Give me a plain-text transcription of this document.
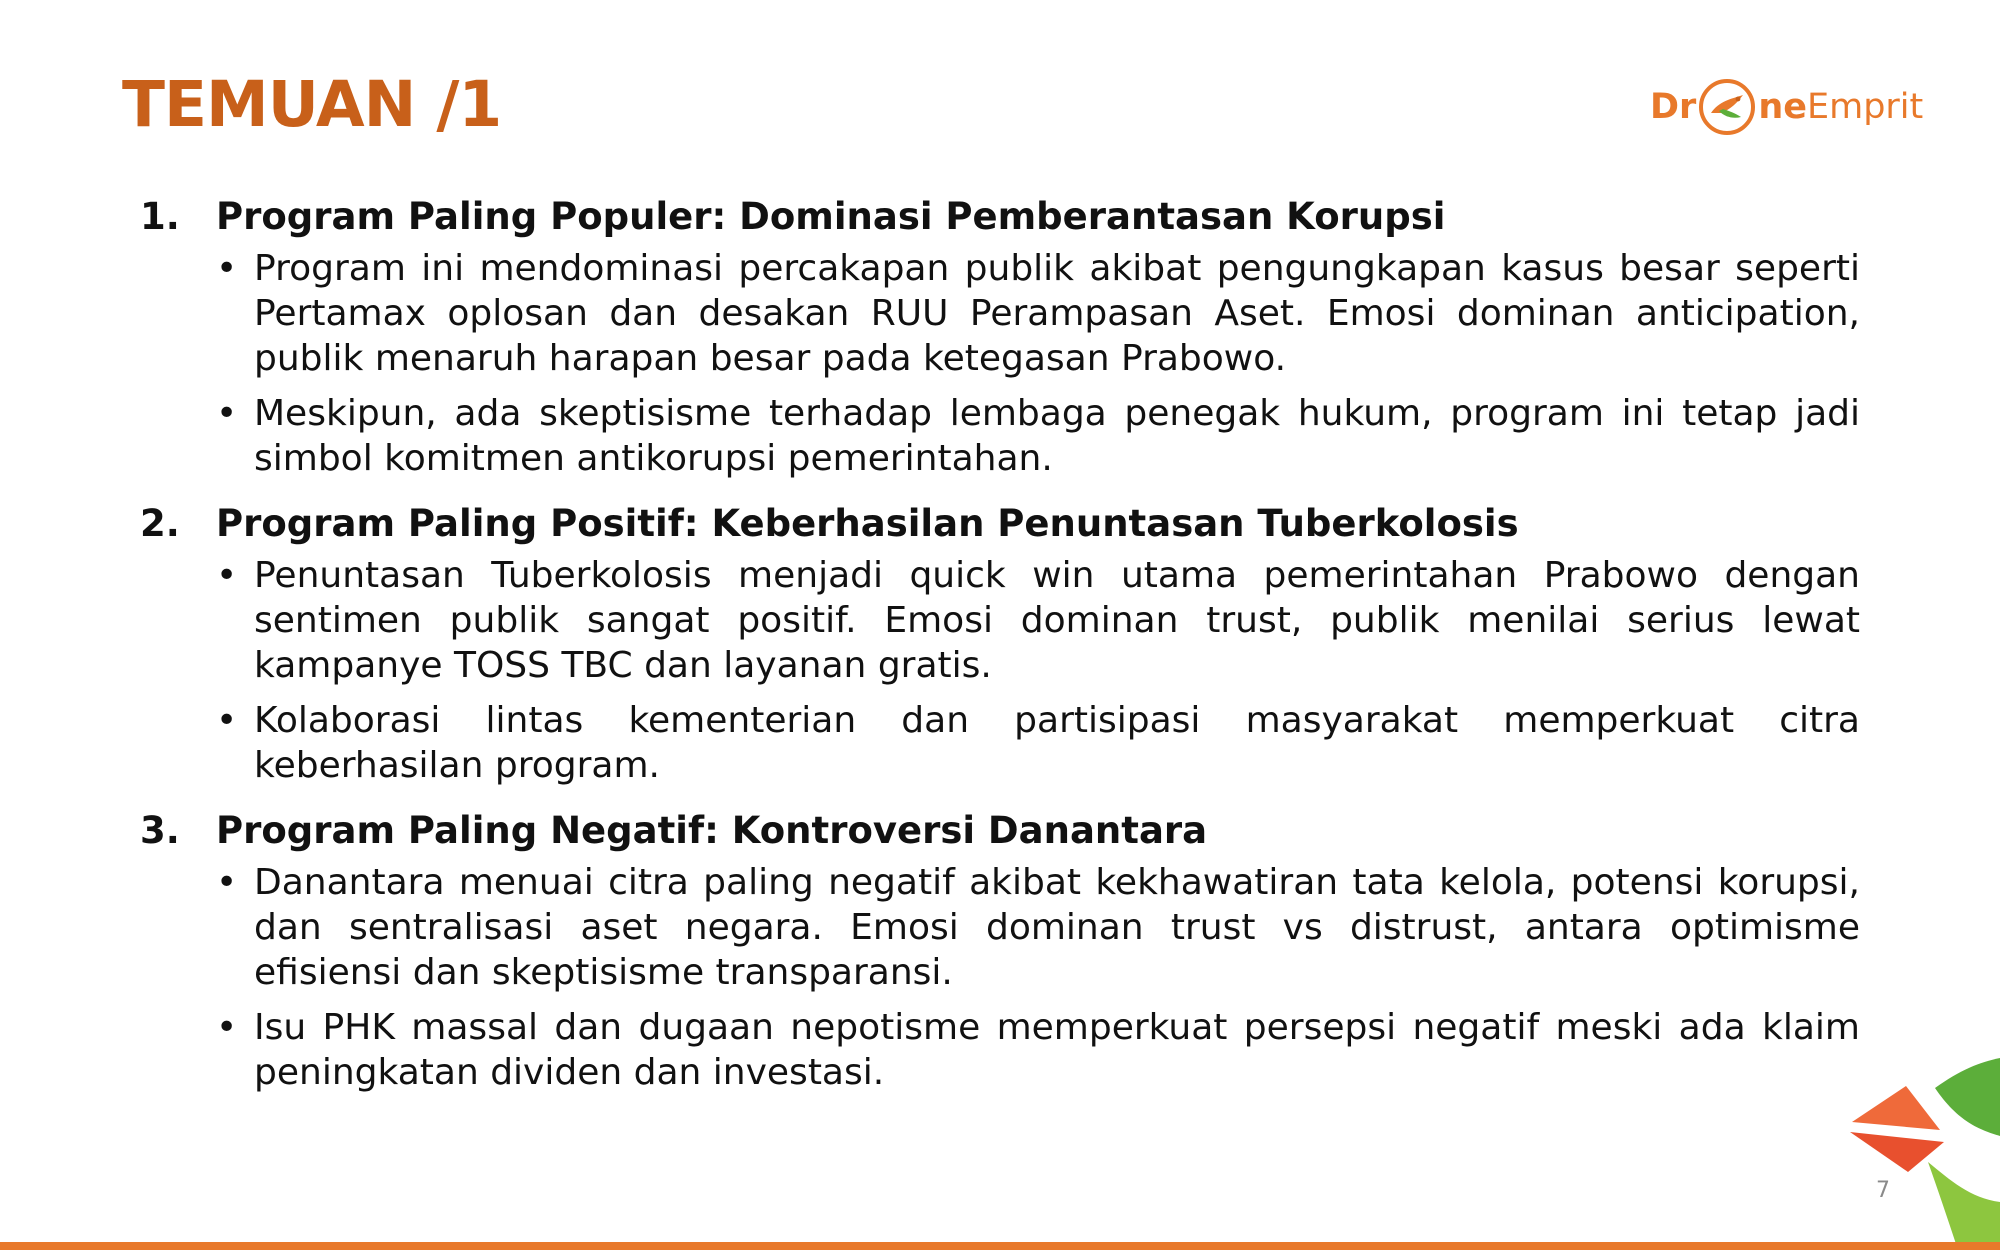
TEMUAN /1	Dr ne Emprit
1. Program Paling Populer: Dominasi Pemberantasan Korupsi
• Program ini mendominasi percakapan publik akibat pengungkapan kasus besar seperti Pertamax oplosan dan desakan RUU Perampasan Aset. Emosi dominan anticipation, publik menaruh harapan besar pada ketegasan Prabowo.
• Meskipun, ada skeptisisme terhadap lembaga penegak hukum, program ini tetap jadi simbol komitmen antikorupsi pemerintahan.
2. Program Paling Positif: Keberhasilan Penuntasan Tuberkolosis
• Penuntasan Tuberkolosis menjadi quick win utama pemerintahan Prabowo dengan sentimen publik sangat positif. Emosi dominan trust, publik menilai serius lewat kampanye TOSS TBC dan layanan gratis.
• Kolaborasi lintas kementerian dan partisipasi masyarakat memperkuat citra keberhasilan program.
3. Program Paling Negatif: Kontroversi Danantara
• Danantara menuai citra paling negatif akibat kekhawatiran tata kelola, potensi korupsi, dan sentralisasi aset negara. Emosi dominan trust vs distrust, antara optimisme efisiensi dan skeptisisme transparansi.
• Isu PHK massal dan dugaan nepotisme memperkuat persepsi negatif meski ada klaim peningkatan dividen dan investasi.
7
